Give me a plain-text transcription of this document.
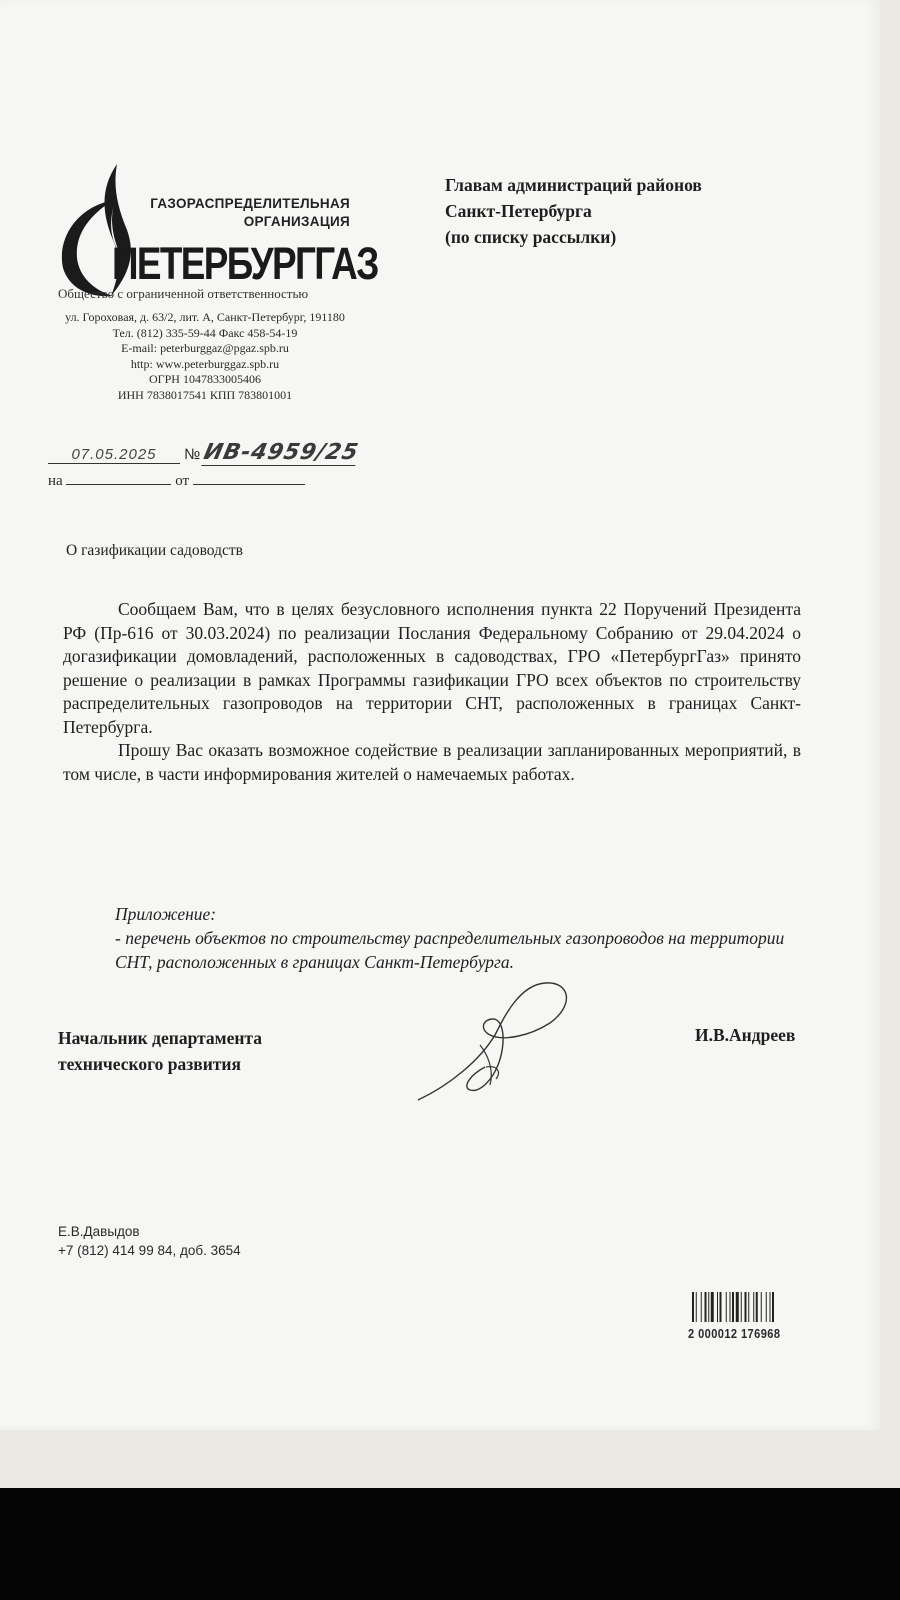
ГАЗОРАСПРЕДЕЛИТЕЛЬНАЯ
ОРГАНИЗАЦИЯ
ПЕТЕРБУРГГАЗ
Общество с ограниченной ответственностью
ул. Гороховая, д. 63/2, лит. А, Санкт-Петербург, 191180
Тел. (812) 335-59-44 Факс 458-54-19
E-mail: peterburggaz@pgaz.spb.ru
http: www.peterburggaz.spb.ru
ОГРН 1047833005406
ИНН 7838017541 КПП 783801001
Главам администраций районов
Санкт-Петербурга
(по списку рассылки)
07.05.2025 №ИВ-4959/25
на	от
О газификации садоводств

Сообщаем Вам, что в целях безусловного исполнения пункта 22 Поручений Президента РФ (Пр-616 от 30.03.2024) по реализации Послания Федеральному Собранию от 29.04.2024 о догазификации домовладений, расположенных в садоводствах, ГРО «ПетербургГаз» принято решение о реализации в рамках Программы газификации ГРО всех объектов по строительству распределительных газопроводов на территории СНТ, расположенных в границах Санкт-Петербурга.

Прошу Вас оказать возможное содействие в реализации запланированных мероприятий, в том числе, в части информирования жителей о намечаемых работах.

Приложение:
- перечень объектов по строительству распределительных газопроводов на территории СНТ, расположенных в границах Санкт-Петербурга.
Начальник департамента
технического развития
И.В.Андреев
Е.В.Давыдов
+7 (812) 414 99 84, доб. 3654
2 000012 176968
